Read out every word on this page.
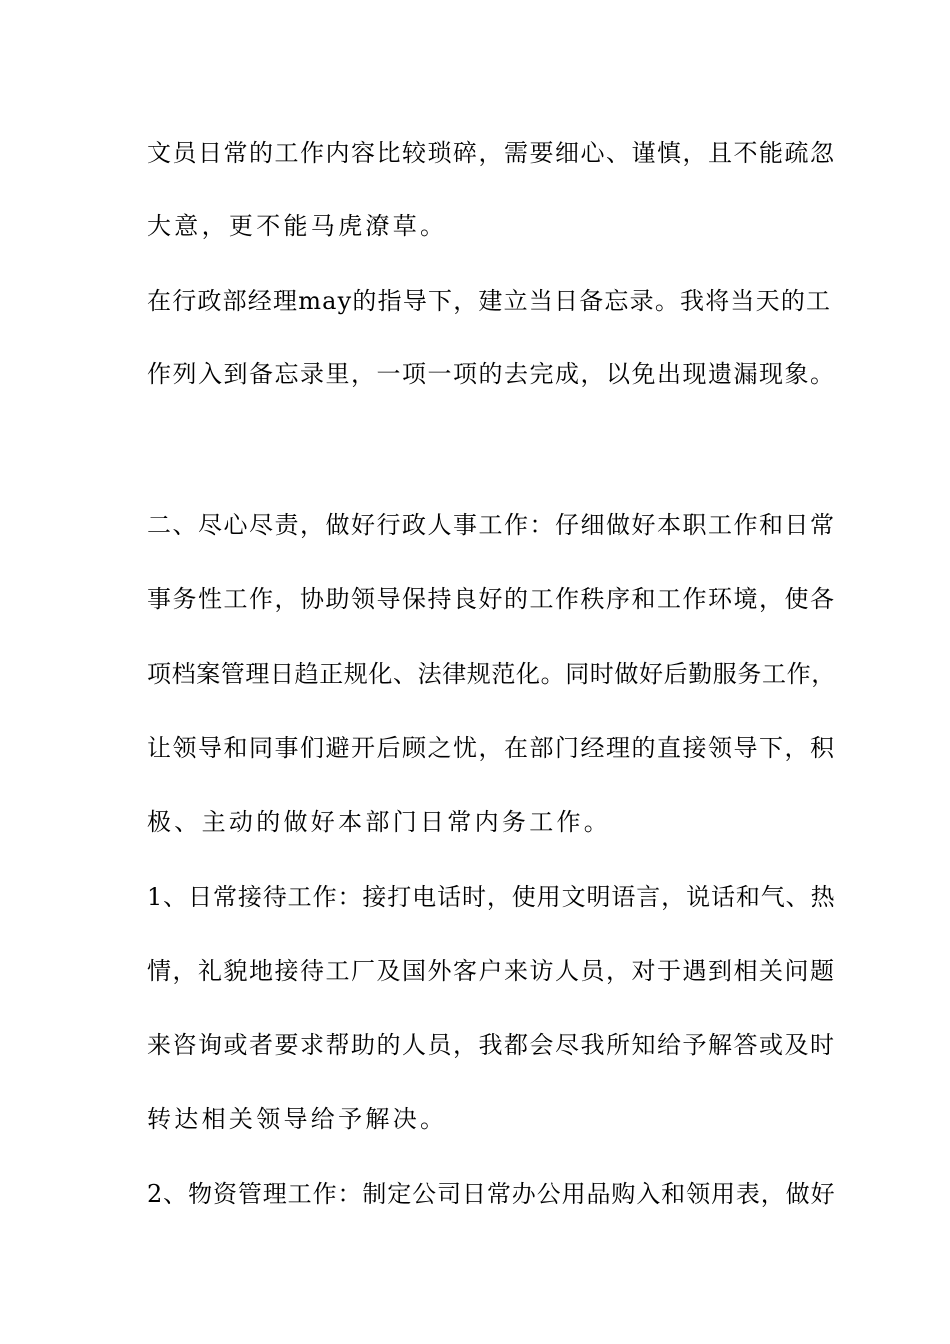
文员日常的工作内容比较琐碎，需要细心、谨慎，且不能疏忽
大意，更不能马虎潦草。
在行政部经理may的指导下，建立当日备忘录。我将当天的工
作列入到备忘录里，一项一项的去完成，以免出现遗漏现象。
二、尽心尽责，做好行政人事工作：仔细做好本职工作和日常
事务性工作，协助领导保持良好的工作秩序和工作环境，使各
项档案管理日趋正规化、法律规范化。同时做好后勤服务工作，
让领导和同事们避开后顾之忧，在部门经理的直接领导下，积
极、主动的做好本部门日常内务工作。
1、日常接待工作：接打电话时，使用文明语言，说话和气、热
情，礼貌地接待工厂及国外客户来访人员，对于遇到相关问题
来咨询或者要求帮助的人员，我都会尽我所知给予解答或及时
转达相关领导给予解决。
2、物资管理工作：制定公司日常办公用品购入和领用表，做好
